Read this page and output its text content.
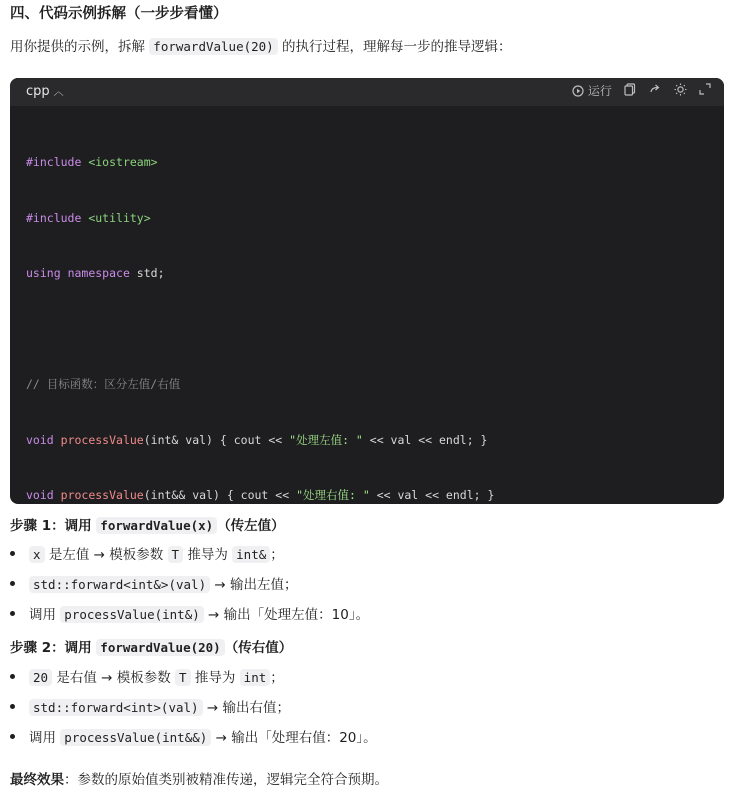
四、代码示例拆解（一步步看懂）
用你提供的示例，拆解 forwardValue(20) 的执行过程，理解每一步的推导逻辑：
cpp ︿	运行

#include <iostream>

#include <utility>

using namespace std;

// 目标函数：区分左值/右值

void processValue(int& val) { cout << "处理左值: " << val << endl; }

void processValue(int&& val) { cout << "处理右值: " << val << endl; }

步骤 1：调用 forwardValue(x) （传左值）
x 是左值 → 模板参数 T 推导为 int& ；
std::forward<int&>(val) → 输出左值；
调用 processValue(int&) → 输出「处理左值：10」。
步骤 2：调用 forwardValue(20) （传右值）
20 是右值 → 模板参数 T 推导为 int ；
std::forward<int>(val) → 输出右值；
调用 processValue(int&&) → 输出「处理右值：20」。
最终效果：参数的原始值类别被精准传递，逻辑完全符合预期。
